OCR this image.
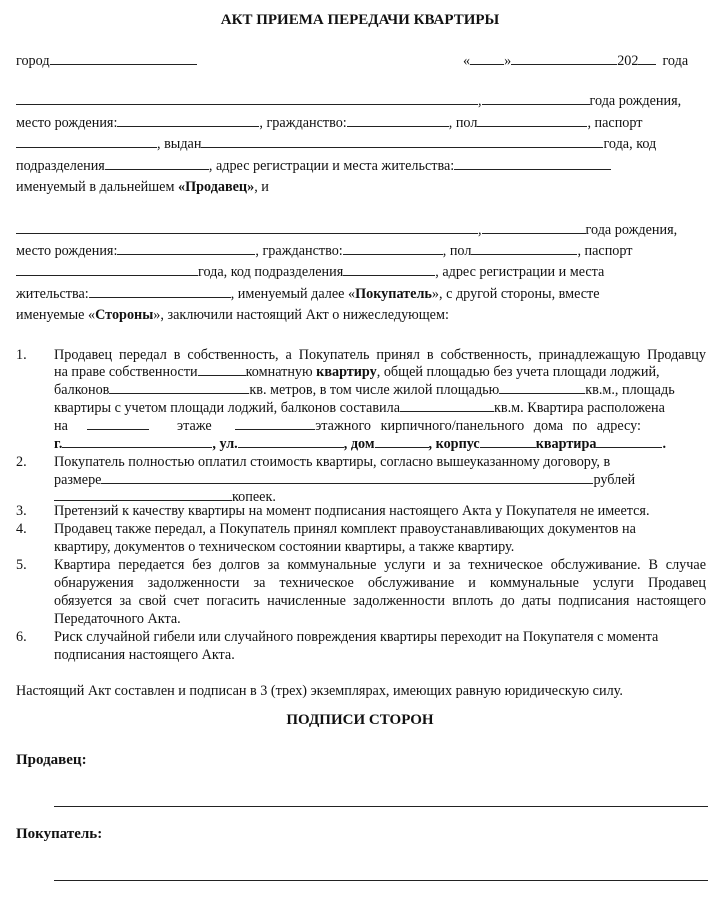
АКТ ПРИЕМА ПЕРЕДАЧИ КВАРТИРЫ
город	« »	202 года
,	года рождения,
место рождения:	, гражданство:	, пол	, паспорт
, выдан	года, код
подразделения	, адрес регистрации и места жительства:
именуемый в дальнейшем «Продавец», и
,	года рождения,
место рождения:	, гражданство:	, пол	, паспорт
года, код подразделения	, адрес регистрации и места
жительства:	, именуемый далее «Покупатель», с другой стороны, вместе
именуемые «Стороны», заключили настоящий Акт о нижеследующем:
1. Продавец передал в собственность, а Покупатель принял в собственность, принадлежащую Продавцу
на праве собственности	комнатную квартиру, общей площадью без учета площади лоджий,
балконов	кв. метров, в том числе жилой площадью	кв.м., площадь
квартиры с учетом площади лоджий, балконов составила	кв.м. Квартира расположена
на	этаже	этажного кирпичного/панельного дома по адресу:
г.	, ул.	, дом	, корпус	квартира	.
2. Покупатель полностью оплатил стоимость квартиры, согласно вышеуказанному договору, в
размере	рублей
копеек.
3. Претензий к качеству квартиры на момент подписания настоящего Акта у Покупателя не имеется.
4. Продавец также передал, а Покупатель принял комплект правоустанавливающих документов на
квартиру, документов о техническом состоянии квартиры, а также квартиру.
5. Квартира передается без долгов за коммунальные услуги и за техническое обслуживание. В случае
обнаружения задолженности за техническое обслуживание и коммунальные услуги Продавец
обязуется за свой счет погасить начисленные задолженности вплоть до даты подписания настоящего
Передаточного Акта.
6. Риск случайной гибели или случайного повреждения квартиры переходит на Покупателя с момента
подписания настоящего Акта.
Настоящий Акт составлен и подписан в 3 (трех) экземплярах, имеющих равную юридическую силу.
ПОДПИСИ СТОРОН
Продавец:
Покупатель:
